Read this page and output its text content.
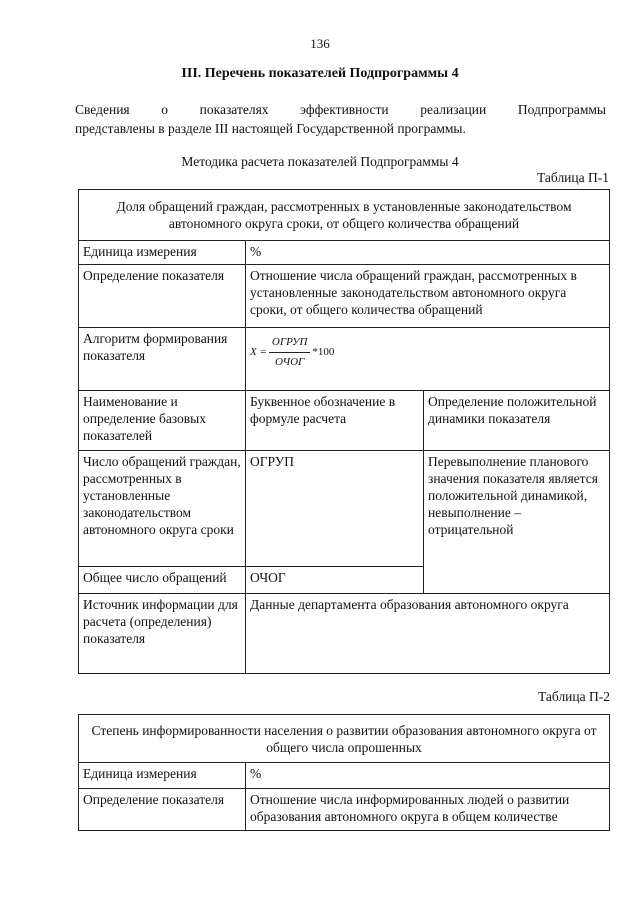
136
III. Перечень показателей Подпрограммы 4
Сведения о показателях эффективности реализации Подпрограммы
представлены в разделе III настоящей Государственной программы.
Методика расчета показателей Подпрограммы 4
Таблица П-1
Доля обращений граждан, рассмотренных в установленные законодательством автономного округа сроки, от общего количества обращений		
Единица измерения	%	
Определение показателя	Отношение числа обращений граждан, рассмотренных в установленные законодательством автономного округа сроки, от общего количества обращений	
Алгоритм формирования показателя	$X = \frac{\text{ОГРУП}}{\text{ОЧОГ}} *100$	

Наименование и определение базовых показателей	Буквенное обозначение в формуле расчета	Определение положительной динамики показателя
Число обращений граждан, рассмотренных в установленные законодательством автономного округа сроки	ОГРУП	Перевыполнение планового значения показателя является положительной динамикой, невыполнение – отрицательной
Общее число обращений	ОЧОГ	
Источник информации для расчета (определения) показателя	Данные департамента образования автономного округа	
Таблица П-2
Степень информированности населения о развитии образования автономного округа от общего числа опрошенных	
Единица измерения	%
Определение показателя	Отношение числа информированных людей о развитии образования автономного округа в общем количестве
